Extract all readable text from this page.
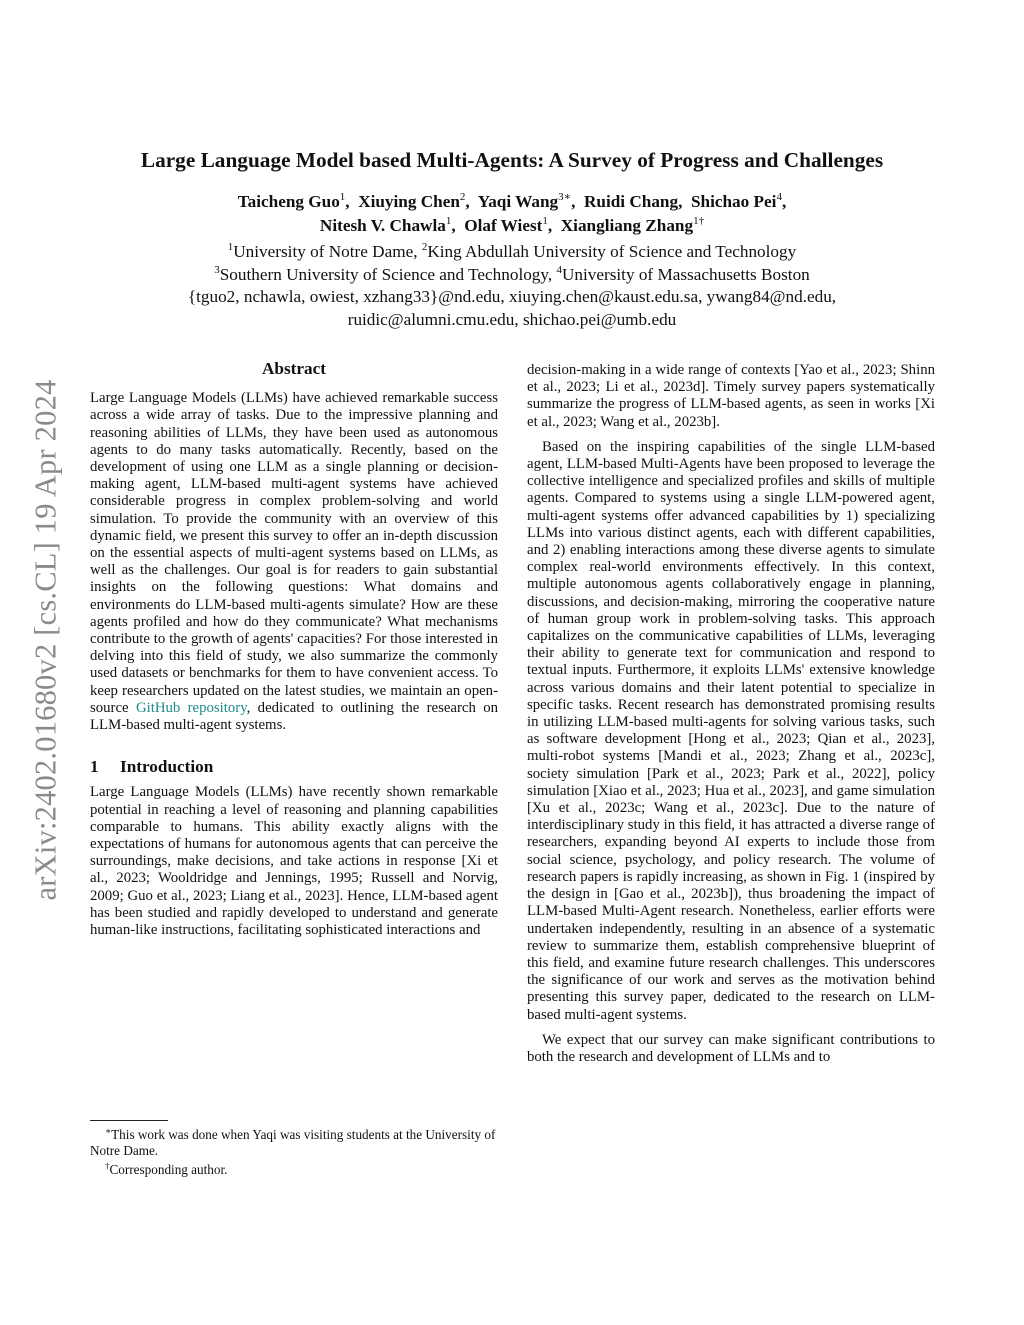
arXiv:2402.01680v2 [cs.CL] 19 Apr 2024
Large Language Model based Multi-Agents: A Survey of Progress and Challenges
Taicheng Guo$^1$,  Xiuying Chen$^2$,  Yaqi Wang$^{3∗}$,  Ruidi Chang,  Shichao Pei$^4$,
Nitesh V. Chawla$^1$,  Olaf Wiest$^1$,  Xiangliang Zhang$^{1\dagger}$
$^1$University of Notre Dame, $^2$King Abdullah University of Science and Technology
$^3$Southern University of Science and Technology, $^4$University of Massachusetts Boston
{tguo2, nchawla, owiest, xzhang33}@nd.edu, xiuying.chen@kaust.edu.sa, ywang84@nd.edu,
ruidic@alumni.cmu.edu, shichao.pei@umb.edu
Abstract

Large Language Models (LLMs) have achieved remarkable success across a wide array of tasks. Due to the impressive planning and reasoning abilities of LLMs, they have been used as autonomous agents to do many tasks automatically. Recently, based on the development of using one LLM as a single planning or decision-making agent, LLM-based multi-agent systems have achieved considerable progress in complex problem-solving and world simulation. To provide the community with an overview of this dynamic field, we present this survey to offer an in-depth discussion on the essential aspects of multi-agent systems based on LLMs, as well as the challenges. Our goal is for readers to gain substantial insights on the following questions: What domains and environments do LLM-based multi-agents simulate? How are these agents profiled and how do they communicate? What mechanisms contribute to the growth of agents' capacities? For those interested in delving into this field of study, we also summarize the commonly used datasets or benchmarks for them to have convenient access. To keep researchers updated on the latest studies, we maintain an open-source GitHub repository, dedicated to outlining the research on LLM-based multi-agent systems.

1 Introduction

Large Language Models (LLMs) have recently shown remarkable potential in reaching a level of reasoning and planning capabilities comparable to humans. This ability exactly aligns with the expectations of humans for autonomous agents that can perceive the surroundings, make decisions, and take actions in response [Xi et al., 2023; Wooldridge and Jennings, 1995; Russell and Norvig, 2009; Guo et al., 2023; Liang et al., 2023]. Hence, LLM-based agent has been studied and rapidly developed to understand and generate human-like instructions, facilitating sophisticated interactions and

∗This work was done when Yaqi was visiting students at the University of Notre Dame.

†Corresponding author.

decision-making in a wide range of contexts [Yao et al., 2023; Shinn et al., 2023; Li et al., 2023d]. Timely survey papers systematically summarize the progress of LLM-based agents, as seen in works [Xi et al., 2023; Wang et al., 2023b].

Based on the inspiring capabilities of the single LLM-based agent, LLM-based Multi-Agents have been proposed to leverage the collective intelligence and specialized profiles and skills of multiple agents. Compared to systems using a single LLM-powered agent, multi-agent systems offer advanced capabilities by 1) specializing LLMs into various distinct agents, each with different capabilities, and 2) enabling interactions among these diverse agents to simulate complex real-world environments effectively. In this context, multiple autonomous agents collaboratively engage in planning, discussions, and decision-making, mirroring the cooperative nature of human group work in problem-solving tasks. This approach capitalizes on the communicative capabilities of LLMs, leveraging their ability to generate text for communication and respond to textual inputs. Furthermore, it exploits LLMs' extensive knowledge across various domains and their latent potential to specialize in specific tasks. Recent research has demonstrated promising results in utilizing LLM-based multi-agents for solving various tasks, such as software development [Hong et al., 2023; Qian et al., 2023], multi-robot systems [Mandi et al., 2023; Zhang et al., 2023c], society simulation [Park et al., 2023; Park et al., 2022], policy simulation [Xiao et al., 2023; Hua et al., 2023], and game simulation [Xu et al., 2023c; Wang et al., 2023c]. Due to the nature of interdisciplinary study in this field, it has attracted a diverse range of researchers, expanding beyond AI experts to include those from social science, psychology, and policy research. The volume of research papers is rapidly increasing, as shown in Fig. 1 (inspired by the design in [Gao et al., 2023b]), thus broadening the impact of LLM-based Multi-Agent research. Nonetheless, earlier efforts were undertaken independently, resulting in an absence of a systematic review to summarize them, establish comprehensive blueprint of this field, and examine future research challenges. This underscores the significance of our work and serves as the motivation behind presenting this survey paper, dedicated to the research on LLM-based multi-agent systems.

We expect that our survey can make significant contributions to both the research and development of LLMs and to
